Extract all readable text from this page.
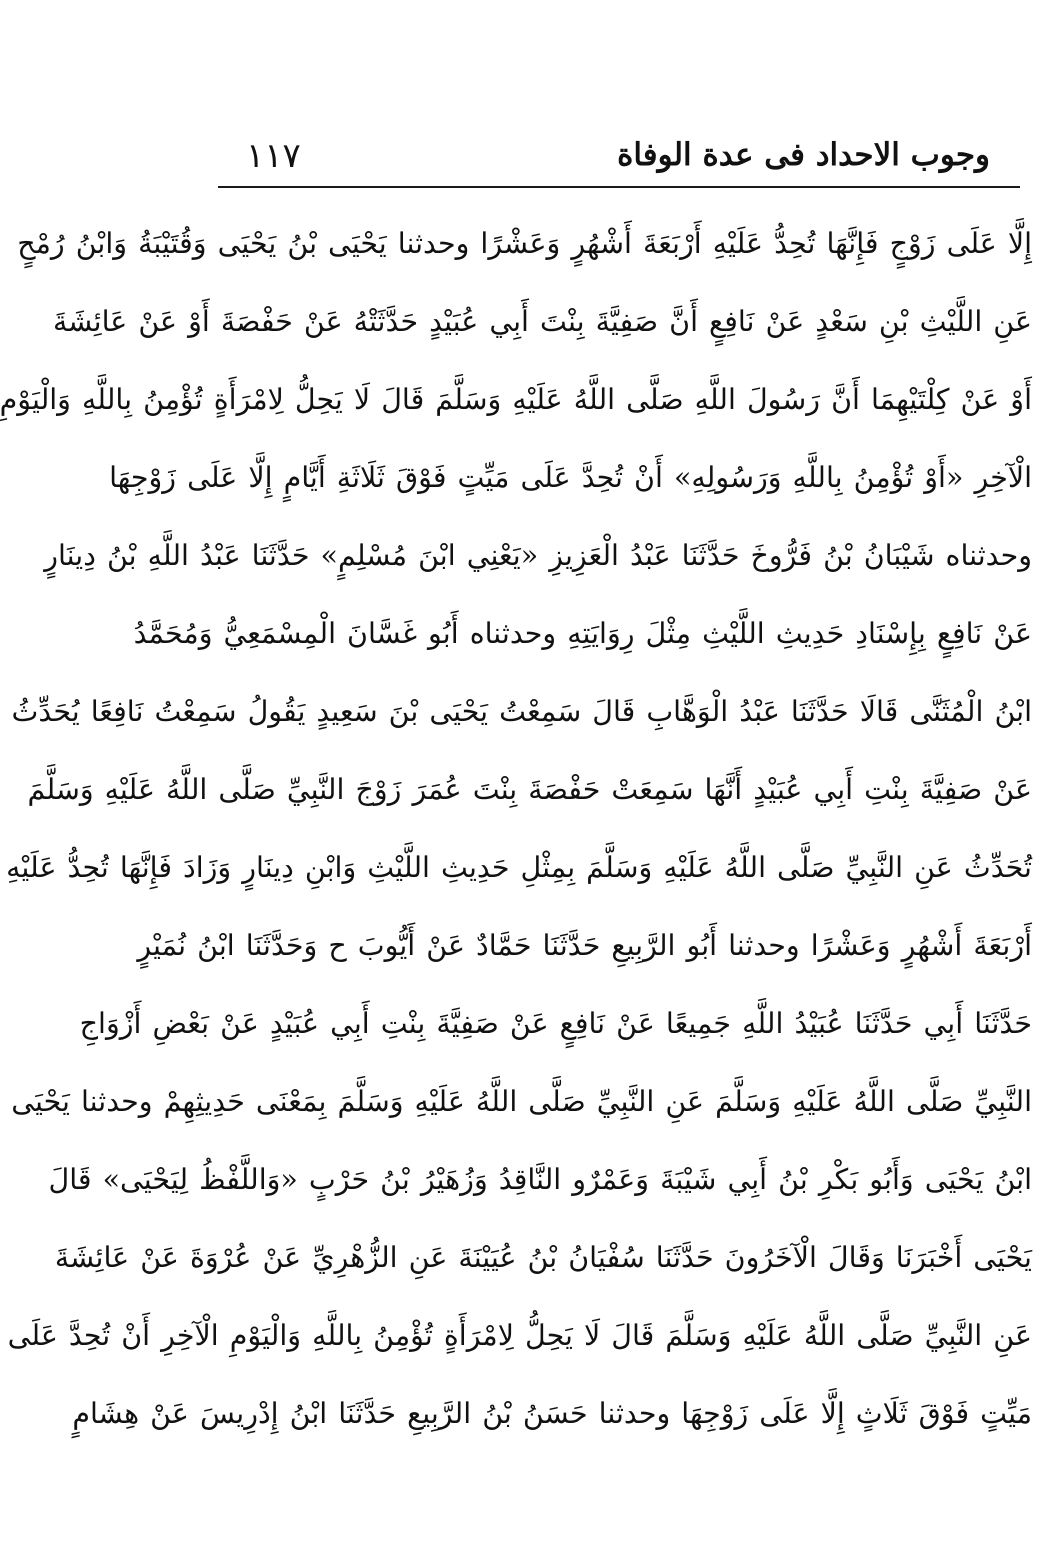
١١٧	وجوب الاحداد فى عدة الوفاة
إِلَّا عَلَى زَوْجٍ فَإِنَّهَا تُحِدُّ عَلَيْهِ أَرْبَعَةَ أَشْهُرٍ وَعَشْرًا وحدثنا يَحْيَى بْنُ يَحْيَى وَقُتَيْبَةُ وَابْنُ رُمْحٍ
عَنِ اللَّيْثِ بْنِ سَعْدٍ عَنْ نَافِعٍ أَنَّ صَفِيَّةَ بِنْتَ أَبِي عُبَيْدٍ حَدَّثَتْهُ عَنْ حَفْصَةَ أَوْ عَنْ عَائِشَةَ
أَوْ عَنْ كِلْتَيْهِمَا أَنَّ رَسُولَ اللَّهِ صَلَّى اللَّهُ عَلَيْهِ وَسَلَّمَ قَالَ لَا يَحِلُّ لِامْرَأَةٍ تُؤْمِنُ بِاللَّهِ وَالْيَوْمِ
الْآخِرِ «أَوْ تُؤْمِنُ بِاللَّهِ وَرَسُولِهِ» أَنْ تُحِدَّ عَلَى مَيِّتٍ فَوْقَ ثَلَاثَةِ أَيَّامٍ إِلَّا عَلَى زَوْجِهَا
وحدثناه شَيْبَانُ بْنُ فَرُّوخَ حَدَّثَنَا عَبْدُ الْعَزِيزِ «يَعْنِي ابْنَ مُسْلِمٍ» حَدَّثَنَا عَبْدُ اللَّهِ بْنُ دِينَارٍ
عَنْ نَافِعٍ بِإِسْنَادِ حَدِيثِ اللَّيْثِ مِثْلَ رِوَايَتِهِ وحدثناه أَبُو غَسَّانَ الْمِسْمَعِيُّ وَمُحَمَّدُ
ابْنُ الْمُثَنَّى قَالَا حَدَّثَنَا عَبْدُ الْوَهَّابِ قَالَ سَمِعْتُ يَحْيَى بْنَ سَعِيدٍ يَقُولُ سَمِعْتُ نَافِعًا يُحَدِّثُ
عَنْ صَفِيَّةَ بِنْتِ أَبِي عُبَيْدٍ أَنَّهَا سَمِعَتْ حَفْصَةَ بِنْتَ عُمَرَ زَوْجَ النَّبِيِّ صَلَّى اللَّهُ عَلَيْهِ وَسَلَّمَ
تُحَدِّثُ عَنِ النَّبِيِّ صَلَّى اللَّهُ عَلَيْهِ وَسَلَّمَ بِمِثْلِ حَدِيثِ اللَّيْثِ وَابْنِ دِينَارٍ وَزَادَ فَإِنَّهَا تُحِدُّ عَلَيْهِ
أَرْبَعَةَ أَشْهُرٍ وَعَشْرًا وحدثنا أَبُو الرَّبِيعِ حَدَّثَنَا حَمَّادٌ عَنْ أَيُّوبَ ح وَحَدَّثَنَا ابْنُ نُمَيْرٍ
حَدَّثَنَا أَبِي حَدَّثَنَا عُبَيْدُ اللَّهِ جَمِيعًا عَنْ نَافِعٍ عَنْ صَفِيَّةَ بِنْتِ أَبِي عُبَيْدٍ عَنْ بَعْضِ أَزْوَاجِ
النَّبِيِّ صَلَّى اللَّهُ عَلَيْهِ وَسَلَّمَ عَنِ النَّبِيِّ صَلَّى اللَّهُ عَلَيْهِ وَسَلَّمَ بِمَعْنَى حَدِيثِهِمْ وحدثنا يَحْيَى
ابْنُ يَحْيَى وَأَبُو بَكْرِ بْنُ أَبِي شَيْبَةَ وَعَمْرٌو النَّاقِدُ وَزُهَيْرُ بْنُ حَرْبٍ «وَاللَّفْظُ لِيَحْيَى» قَالَ
يَحْيَى أَخْبَرَنَا وَقَالَ الْآخَرُونَ حَدَّثَنَا سُفْيَانُ بْنُ عُيَيْنَةَ عَنِ الزُّهْرِيِّ عَنْ عُرْوَةَ عَنْ عَائِشَةَ
عَنِ النَّبِيِّ صَلَّى اللَّهُ عَلَيْهِ وَسَلَّمَ قَالَ لَا يَحِلُّ لِامْرَأَةٍ تُؤْمِنُ بِاللَّهِ وَالْيَوْمِ الْآخِرِ أَنْ تُحِدَّ عَلَى
مَيِّتٍ فَوْقَ ثَلَاثٍ إِلَّا عَلَى زَوْجِهَا وحدثنا حَسَنُ بْنُ الرَّبِيعِ حَدَّثَنَا ابْنُ إِدْرِيسَ عَنْ هِشَامٍ
